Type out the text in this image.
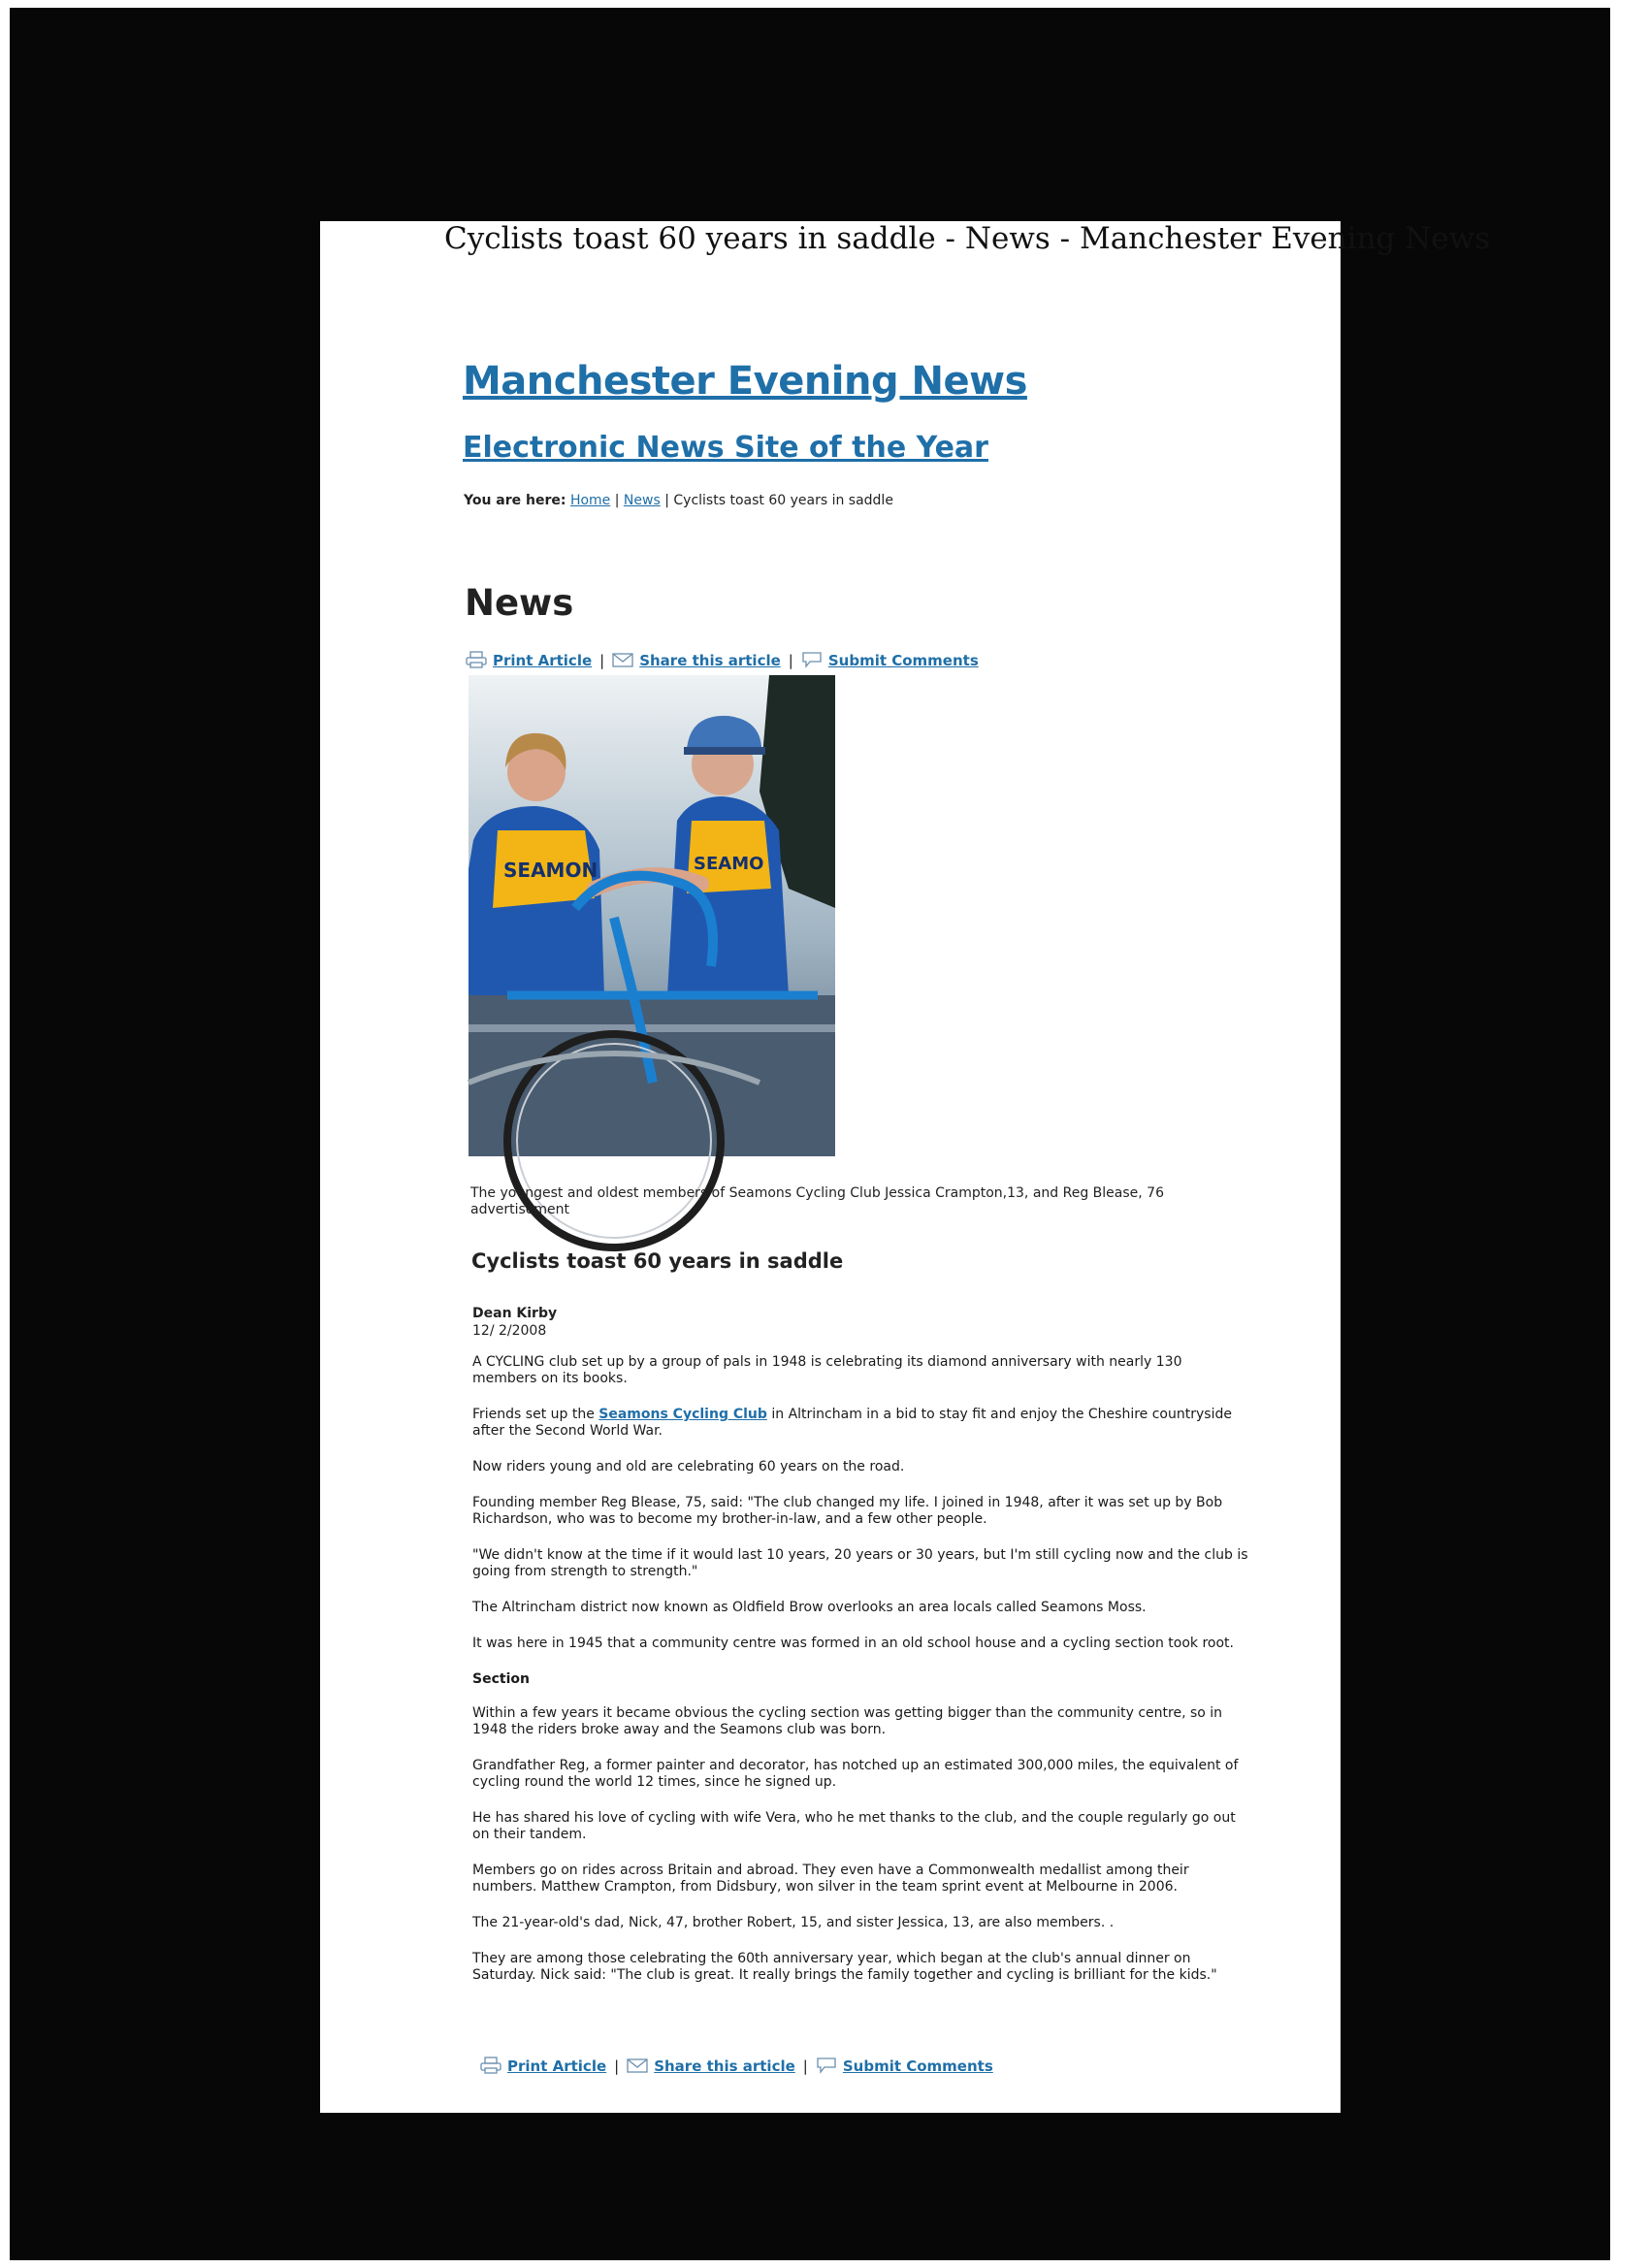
Cyclists toast 60 years in saddle - News - Manchester Evening News
Manchester Evening News
Electronic News Site of the Year
You are here: Home | News | Cyclists toast 60 years in saddle
News
Print Article | Share this article | Submit Comments
SEAMON	SEAMO
The youngest and oldest members of Seamons Cycling Club Jessica Crampton,13, and Reg Blease, 76
advertisement
Cyclists toast 60 years in saddle
Dean Kirby
12/ 2/2008

A CYCLING club set up by a group of pals in 1948 is celebrating its diamond anniversary with nearly 130 members on its books.

Friends set up the Seamons Cycling Club in Altrincham in a bid to stay fit and enjoy the Cheshire countryside after the Second World War.

Now riders young and old are celebrating 60 years on the road.

Founding member Reg Blease, 75, said: "The club changed my life. I joined in 1948, after it was set up by Bob Richardson, who was to become my brother-in-law, and a few other people.

"We didn't know at the time if it would last 10 years, 20 years or 30 years, but I'm still cycling now and the club is going from strength to strength."

The Altrincham district now known as Oldfield Brow overlooks an area locals called Seamons Moss.

It was here in 1945 that a community centre was formed in an old school house and a cycling section took root.

Section

Within a few years it became obvious the cycling section was getting bigger than the community centre, so in 1948 the riders broke away and the Seamons club was born.

Grandfather Reg, a former painter and decorator, has notched up an estimated 300,000 miles, the equivalent of cycling round the world 12 times, since he signed up.

He has shared his love of cycling with wife Vera, who he met thanks to the club, and the couple regularly go out on their tandem.

Members go on rides across Britain and abroad. They even have a Commonwealth medallist among their numbers. Matthew Crampton, from Didsbury, won silver in the team sprint event at Melbourne in 2006.

The 21-year-old's dad, Nick, 47, brother Robert, 15, and sister Jessica, 13, are also members. .

They are among those celebrating the 60th anniversary year, which began at the club's annual dinner on Saturday. Nick said: "The club is great. It really brings the family together and cycling is brilliant for the kids."

Print Article | Share this article | Submit Comments
